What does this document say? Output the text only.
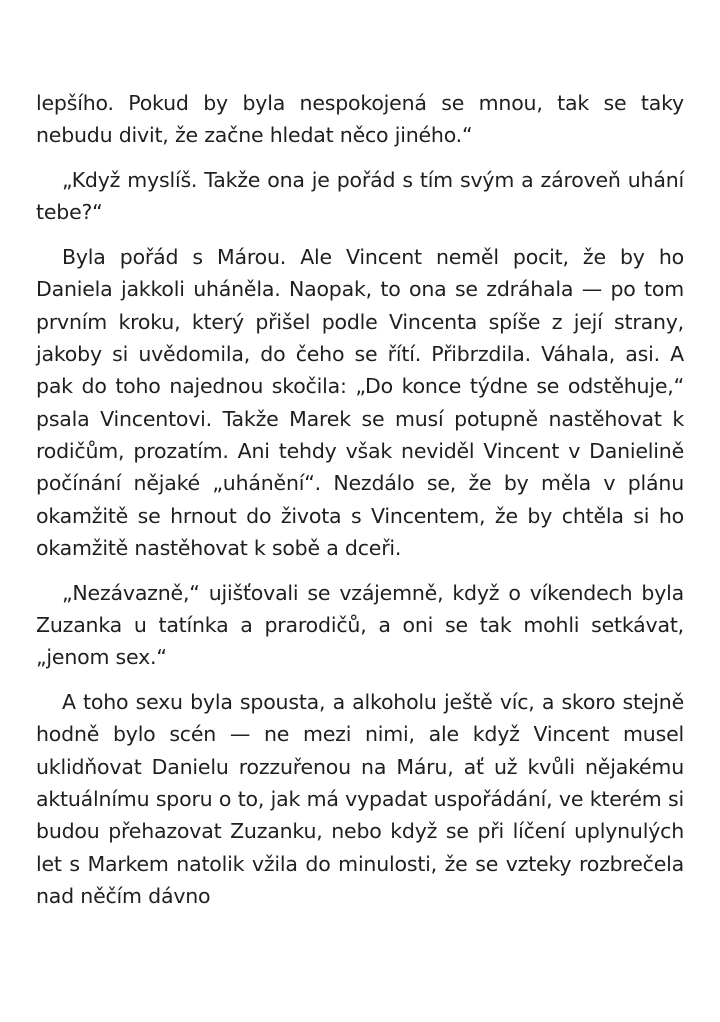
lepšího. Pokud by byla nespokojená se mnou, tak se taky nebudu divit, že začne hledat něco jiného.“

„Když myslíš. Takže ona je pořád s tím svým a zároveň uhání tebe?“

Byla pořád s Márou. Ale Vincent neměl pocit, že by ho Daniela jakkoli uháněla. Naopak, to ona se zdráhala — po tom prvním kroku, který přišel podle Vincenta spíše z její strany, jakoby si uvědomila, do čeho se řítí. Přibrzdila. Váhala, asi. A pak do toho najednou skočila: „Do konce týdne se odstěhuje,“ psala Vincentovi. Takže Marek se musí potupně nastěhovat k rodičům, prozatím. Ani tehdy však neviděl Vincent v Danielině počínání nějaké „uhánění“. Nezdálo se, že by měla v plánu okamžitě se hrnout do života s Vincentem, že by chtěla si ho okamžitě nastěhovat k sobě a dceři.

„Nezávazně,“ ujišťovali se vzájemně, když o víkendech byla Zuzanka u tatínka a prarodičů, a oni se tak mohli setkávat, „jenom sex.“

A toho sexu byla spousta, a alkoholu ještě víc, a skoro stejně hodně bylo scén — ne mezi nimi, ale když Vincent musel uklidňovat Danielu rozzuřenou na Máru, ať už kvůli nějakému aktuálnímu sporu o to, jak má vypadat uspořádání, ve kterém si budou přehazovat Zuzanku, nebo když se při líčení uplynulých let s Markem natolik vžila do minulosti, že se vzteky rozbrečela nad něčím dávno
